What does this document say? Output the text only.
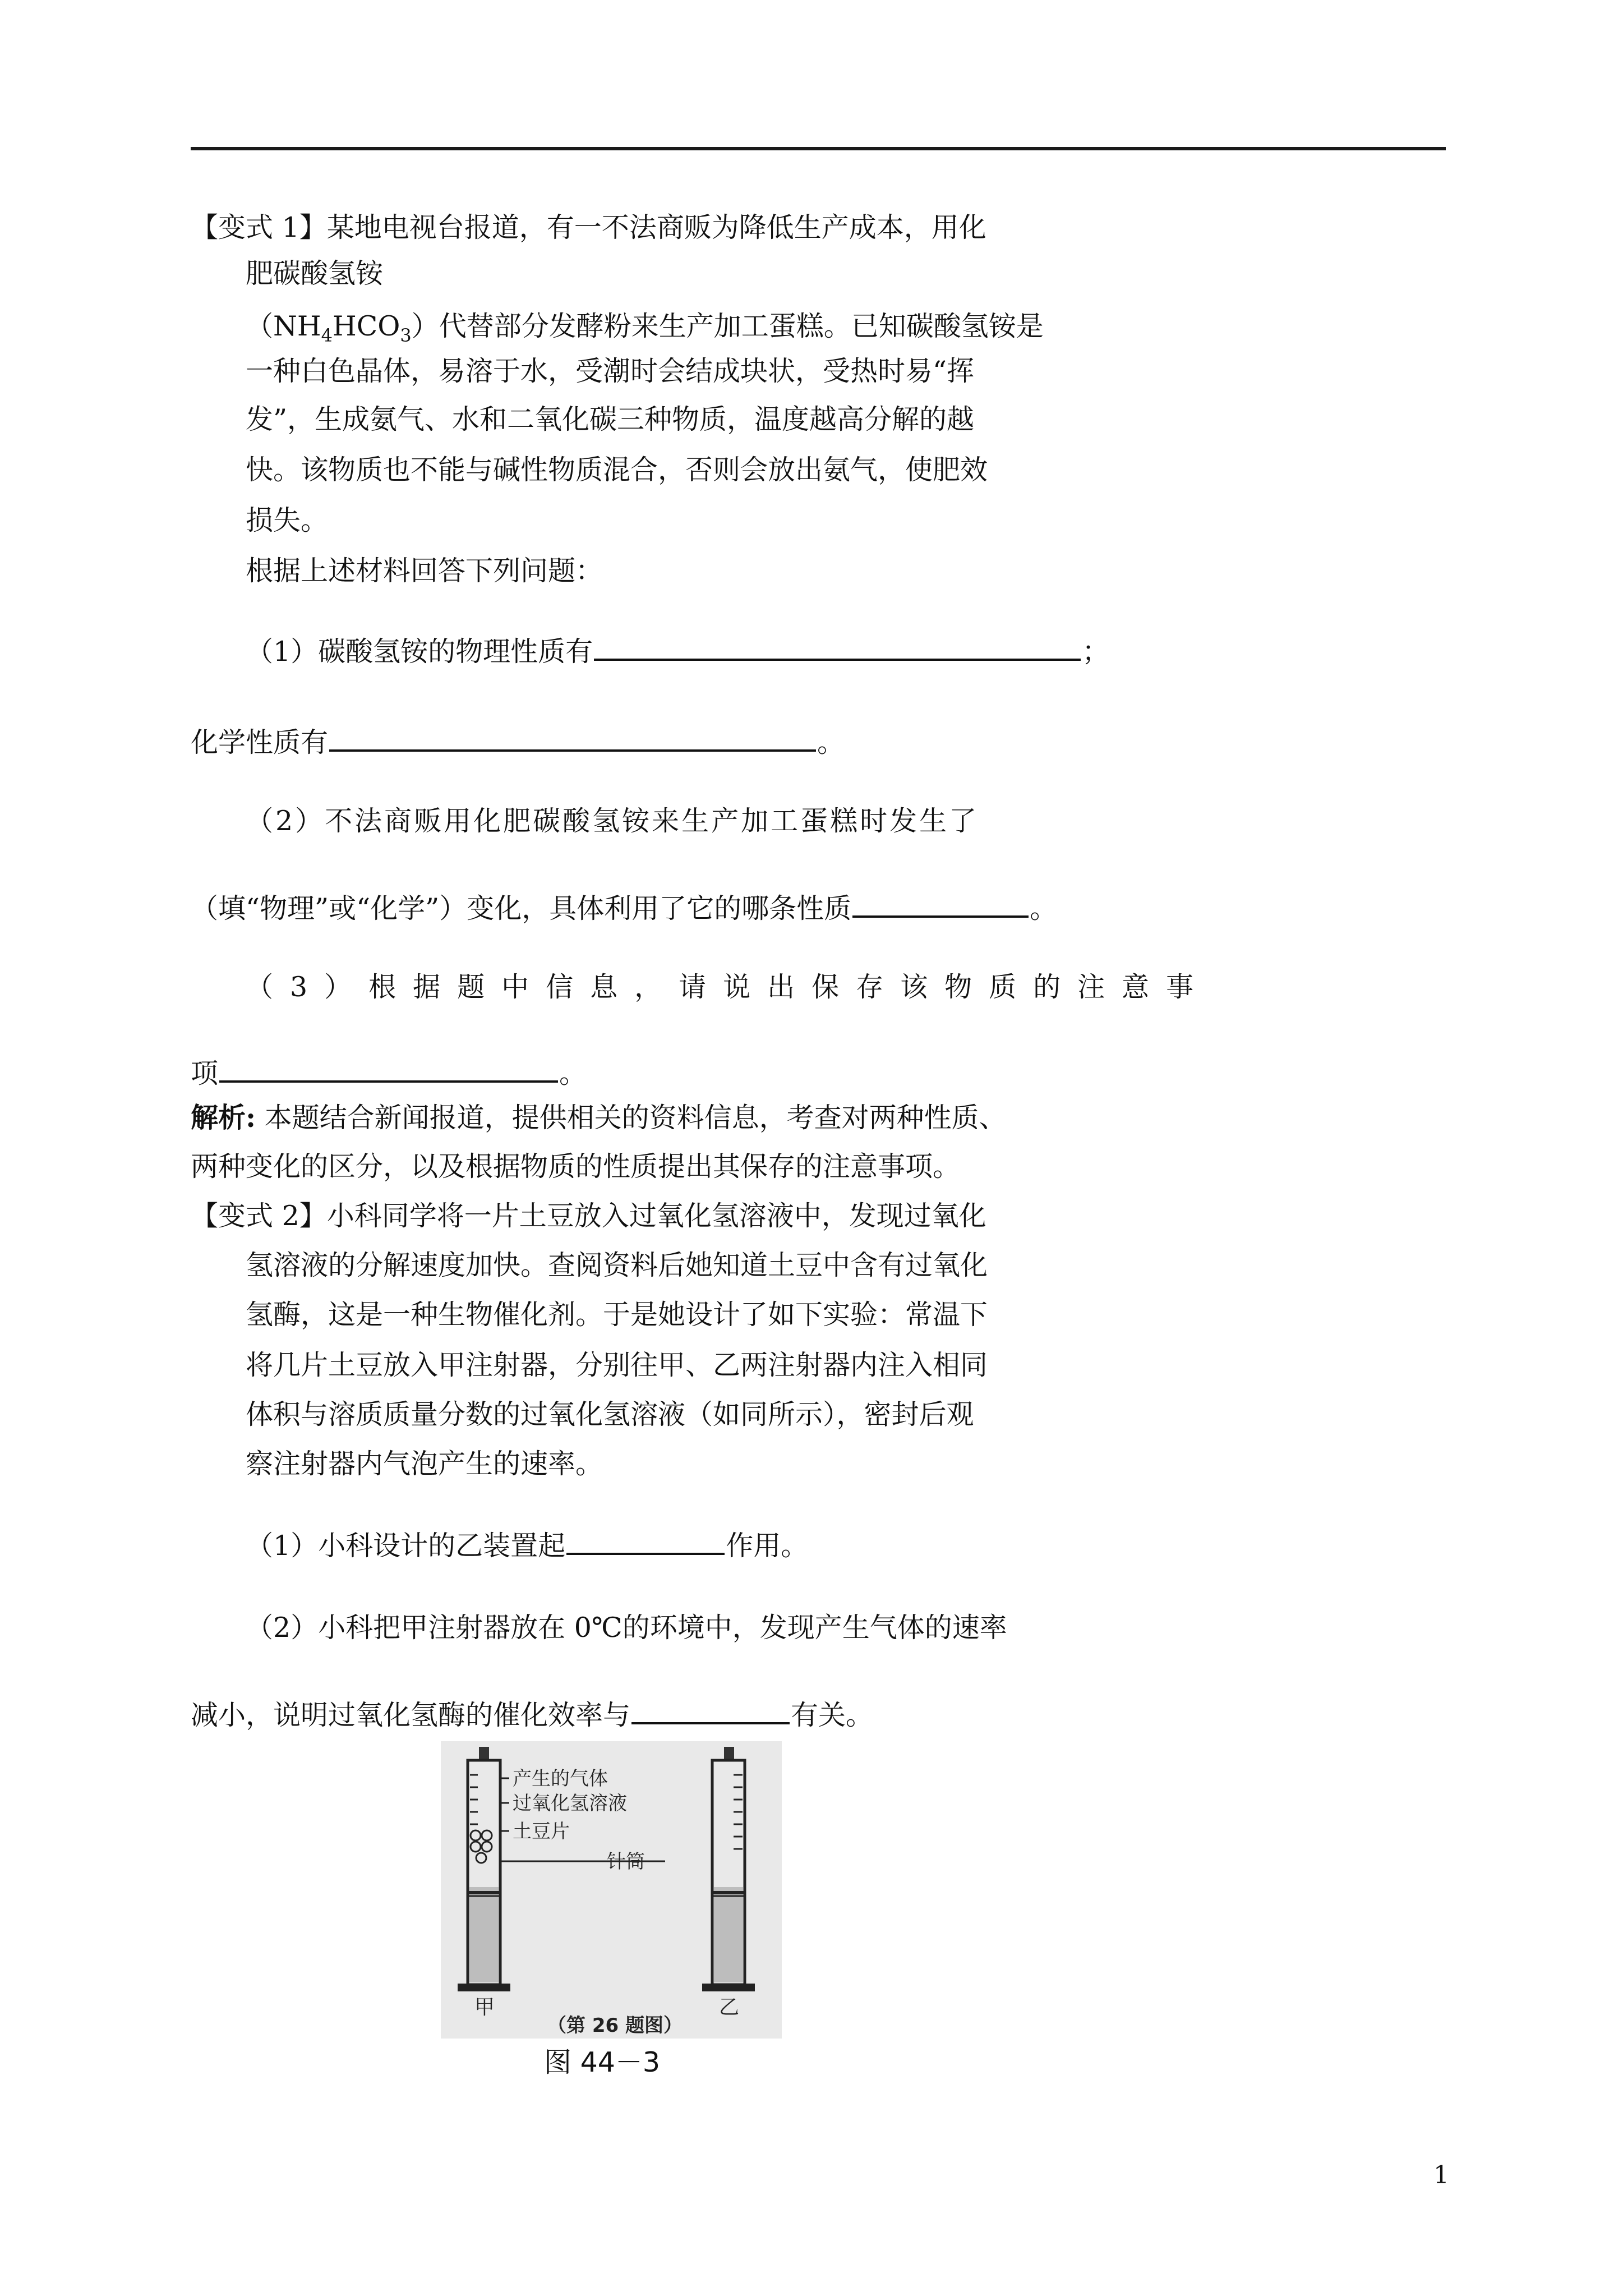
【变式 1】某地电视台报道，有一不法商贩为降低生产成本，用化
肥碳酸氢铵
$(NH_4HCO_3)$代替部分发酵粉来生产加工蛋糕。已知碳酸氢铵是
一种白色晶体，易溶于水，受潮时会结成块状，受热时易“挥
发”，生成氨气、水和二氧化碳三种物质，温度越高分解的越
快。该物质也不能与碱性物质混合，否则会放出氨气，使肥效
损失。
根据上述材料回答下列问题：
（1）碳酸氢铵的物理性质有	；
化学性质有	。
（2）不法商贩用化肥碳酸氢铵来生产加工蛋糕时发生了
（填“物理”或“化学”）变化，具体利用了它的哪条性质	。
（3）根据题中信息，请说出保存该物质的注意事
项	。
解析: 本题结合新闻报道，提供相关的资料信息，考查对两种性质、
两种变化的区分，以及根据物质的性质提出其保存的注意事项。
【变式 2】小科同学将一片土豆放入过氧化氢溶液中，发现过氧化
氢溶液的分解速度加快。查阅资料后她知道土豆中含有过氧化
氢酶，这是一种生物催化剂。于是她设计了如下实验：常温下
将几片土豆放入甲注射器，分别往甲、乙两注射器内注入相同
体积与溶质质量分数的过氧化氢溶液（如同所示），密封后观
察注射器内气泡产生的速率。
（1）小科设计的乙装置起	作用。
（2）小科把甲注射器放在 0℃的环境中，发现产生气体的速率
减小，说明过氧化氢酶的催化效率与	有关。
产生的气体
过氧化氢溶液
土豆片
针筒
甲	乙
（第 26 题图）
图 44－3
1
